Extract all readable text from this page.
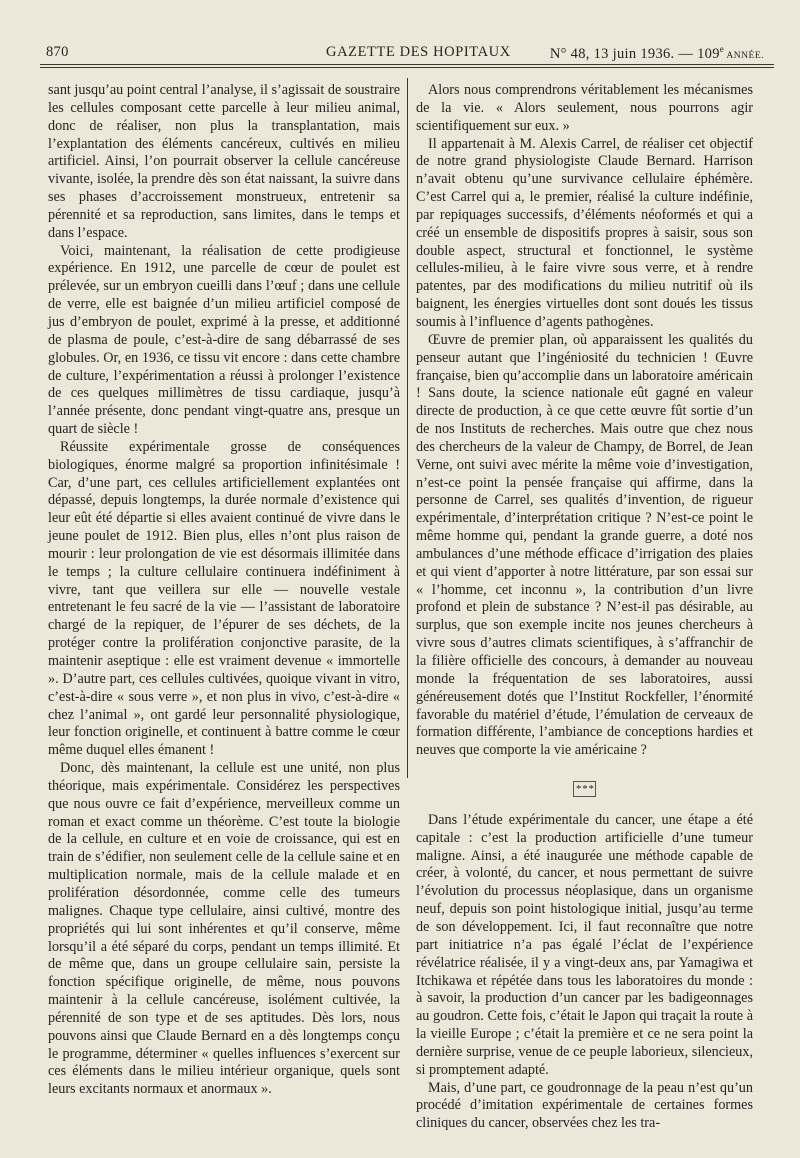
870	GAZETTE DES HOPITAUX	N° 48, 13 juin 1936. — 109e ANNÉE.

sant jusqu’au point central l’analyse, il s’agissait de soustraire les cellules composant cette parcelle à leur milieu animal, donc de réaliser, non plus la transplantation, mais l’explantation des éléments cancéreux, cultivés en milieu artificiel. Ainsi, l’on pourrait observer la cellule cancéreuse vivante, isolée, la prendre dès son état naissant, la suivre dans ses phases d’accroissement monstrueux, entretenir sa pérennité et sa reproduction, sans limites, dans le temps et dans l’espace.

Voici, maintenant, la réalisation de cette prodigieuse expérience. En 1912, une parcelle de cœur de poulet est prélevée, sur un embryon cueilli dans l’œuf ; dans une cellule de verre, elle est baignée d’un milieu artificiel composé de jus d’embryon de poulet, exprimé à la presse, et additionné de plasma de poule, c’est-à-dire de sang débarrassé de ses globules. Or, en 1936, ce tissu vit encore : dans cette chambre de culture, l’expérimentation a réussi à prolonger l’existence de ces quelques millimètres de tissu cardiaque, jusqu’à l’année présente, donc pendant vingt-quatre ans, presque un quart de siècle !

Réussite expérimentale grosse de conséquences biologiques, énorme malgré sa proportion infinitésimale ! Car, d’une part, ces cellules artificiellement explantées ont dépassé, depuis longtemps, la durée normale d’existence qui leur eût été départie si elles avaient continué de vivre dans le jeune poulet de 1912. Bien plus, elles n’ont plus raison de mourir : leur prolongation de vie est désormais illimitée dans le temps ; la culture cellulaire continuera indéfiniment à vivre, tant que veillera sur elle — nouvelle vestale entretenant le feu sacré de la vie — l’assistant de laboratoire chargé de la repiquer, de l’épurer de ses déchets, de la protéger contre la prolifération conjonctive parasite, de la maintenir aseptique : elle est vraiment devenue « immortelle ». D’autre part, ces cellules cultivées, quoique vivant in vitro, c’est-à-dire « sous verre », et non plus in vivo, c’est-à-dire « chez l’animal », ont gardé leur personnalité physiologique, leur fonction originelle, et continuent à battre comme le cœur même duquel elles émanent !

Donc, dès maintenant, la cellule est une unité, non plus théorique, mais expérimentale. Considérez les perspectives que nous ouvre ce fait d’expérience, merveilleux comme un roman et exact comme un théorème. C’est toute la biologie de la cellule, en culture et en voie de croissance, qui est en train de s’édifier, non seulement celle de la cellule saine et en multiplication normale, mais de la cellule malade et en prolifération désordonnée, comme celle des tumeurs malignes. Chaque type cellulaire, ainsi cultivé, montre des propriétés qui lui sont inhérentes et qu’il conserve, même lorsqu’il a été séparé du corps, pendant un temps illimité. Et de même que, dans un groupe cellulaire sain, persiste la fonction spécifique originelle, de même, nous pouvons maintenir à la cellule cancéreuse, isolément cultivée, la pérennité de son type et de ses aptitudes. Dès lors, nous pouvons ainsi que Claude Bernard en a dès longtemps conçu le programme, déterminer « quelles influences s’exercent sur ces éléments dans le milieu intérieur organique, quels sont leurs excitants normaux et anormaux ».

Alors nous comprendrons véritablement les mécanismes de la vie. « Alors seulement, nous pourrons agir scientifiquement sur eux. »

Il appartenait à M. Alexis Carrel, de réaliser cet objectif de notre grand physiologiste Claude Bernard. Harrison n’avait obtenu qu’une survivance cellulaire éphémère. C’est Carrel qui a, le premier, réalisé la culture indéfinie, par repiquages successifs, d’éléments néoformés et qui a créé un ensemble de dispositifs propres à saisir, sous son double aspect, structural et fonctionnel, le système cellules-milieu, à le faire vivre sous verre, et à rendre patentes, par des modifications du milieu nutritif où ils baignent, les énergies virtuelles dont sont doués les tissus soumis à l’influence d’agents pathogènes.

Œuvre de premier plan, où apparaissent les qualités du penseur autant que l’ingéniosité du technicien ! Œuvre française, bien qu’accomplie dans un laboratoire américain ! Sans doute, la science nationale eût gagné en valeur directe de production, à ce que cette œuvre fût sortie d’un de nos Instituts de recherches. Mais outre que chez nous des chercheurs de la valeur de Champy, de Borrel, de Jean Verne, ont suivi avec mérite la même voie d’investigation, n’est-ce point la pensée française qui affirme, dans la personne de Carrel, ses qualités d’invention, de rigueur expérimentale, d’interprétation critique ? N’est-ce point le même homme qui, pendant la grande guerre, a doté nos ambulances d’une méthode efficace d’irrigation des plaies et qui vient d’apporter à notre littérature, par son essai sur « l’homme, cet inconnu », la contribution d’un livre profond et plein de substance ? N’est-il pas désirable, au surplus, que son exemple incite nos jeunes chercheurs à vivre sous d’autres climats scientifiques, à s’affranchir de la filière officielle des concours, à demander au nouveau monde la fréquentation de ses laboratoires, aussi généreusement dotés que l’Institut Rockfeller, l’énormité favorable du matériel d’étude, l’émulation de cerveaux de formation différente, l’ambiance de conceptions hardies et neuves que comporte la vie américaine ?

* * *

Dans l’étude expérimentale du cancer, une étape a été capitale : c’est la production artificielle d’une tumeur maligne. Ainsi, a été inaugurée une méthode capable de créer, à volonté, du cancer, et nous permettant de suivre l’évolution du processus néoplasique, dans un organisme neuf, depuis son point histologique initial, jusqu’au terme de son développement. Ici, il faut reconnaître que notre part initiatrice n’a pas égalé l’éclat de l’expérience révélatrice réalisée, il y a vingt-deux ans, par Yamagiwa et Itchikawa et répétée dans tous les laboratoires du monde : à savoir, la production d’un cancer par les badigeonnages au goudron. Cette fois, c’était le Japon qui traçait la route à la vieille Europe ; c’était la première et ce ne sera point la dernière surprise, venue de ce peuple laborieux, silencieux, si promptement adapté.

Mais, d’une part, ce goudronnage de la peau n’est qu’un procédé d’imitation expérimentale de certaines formes cliniques du cancer, observées chez les tra-
